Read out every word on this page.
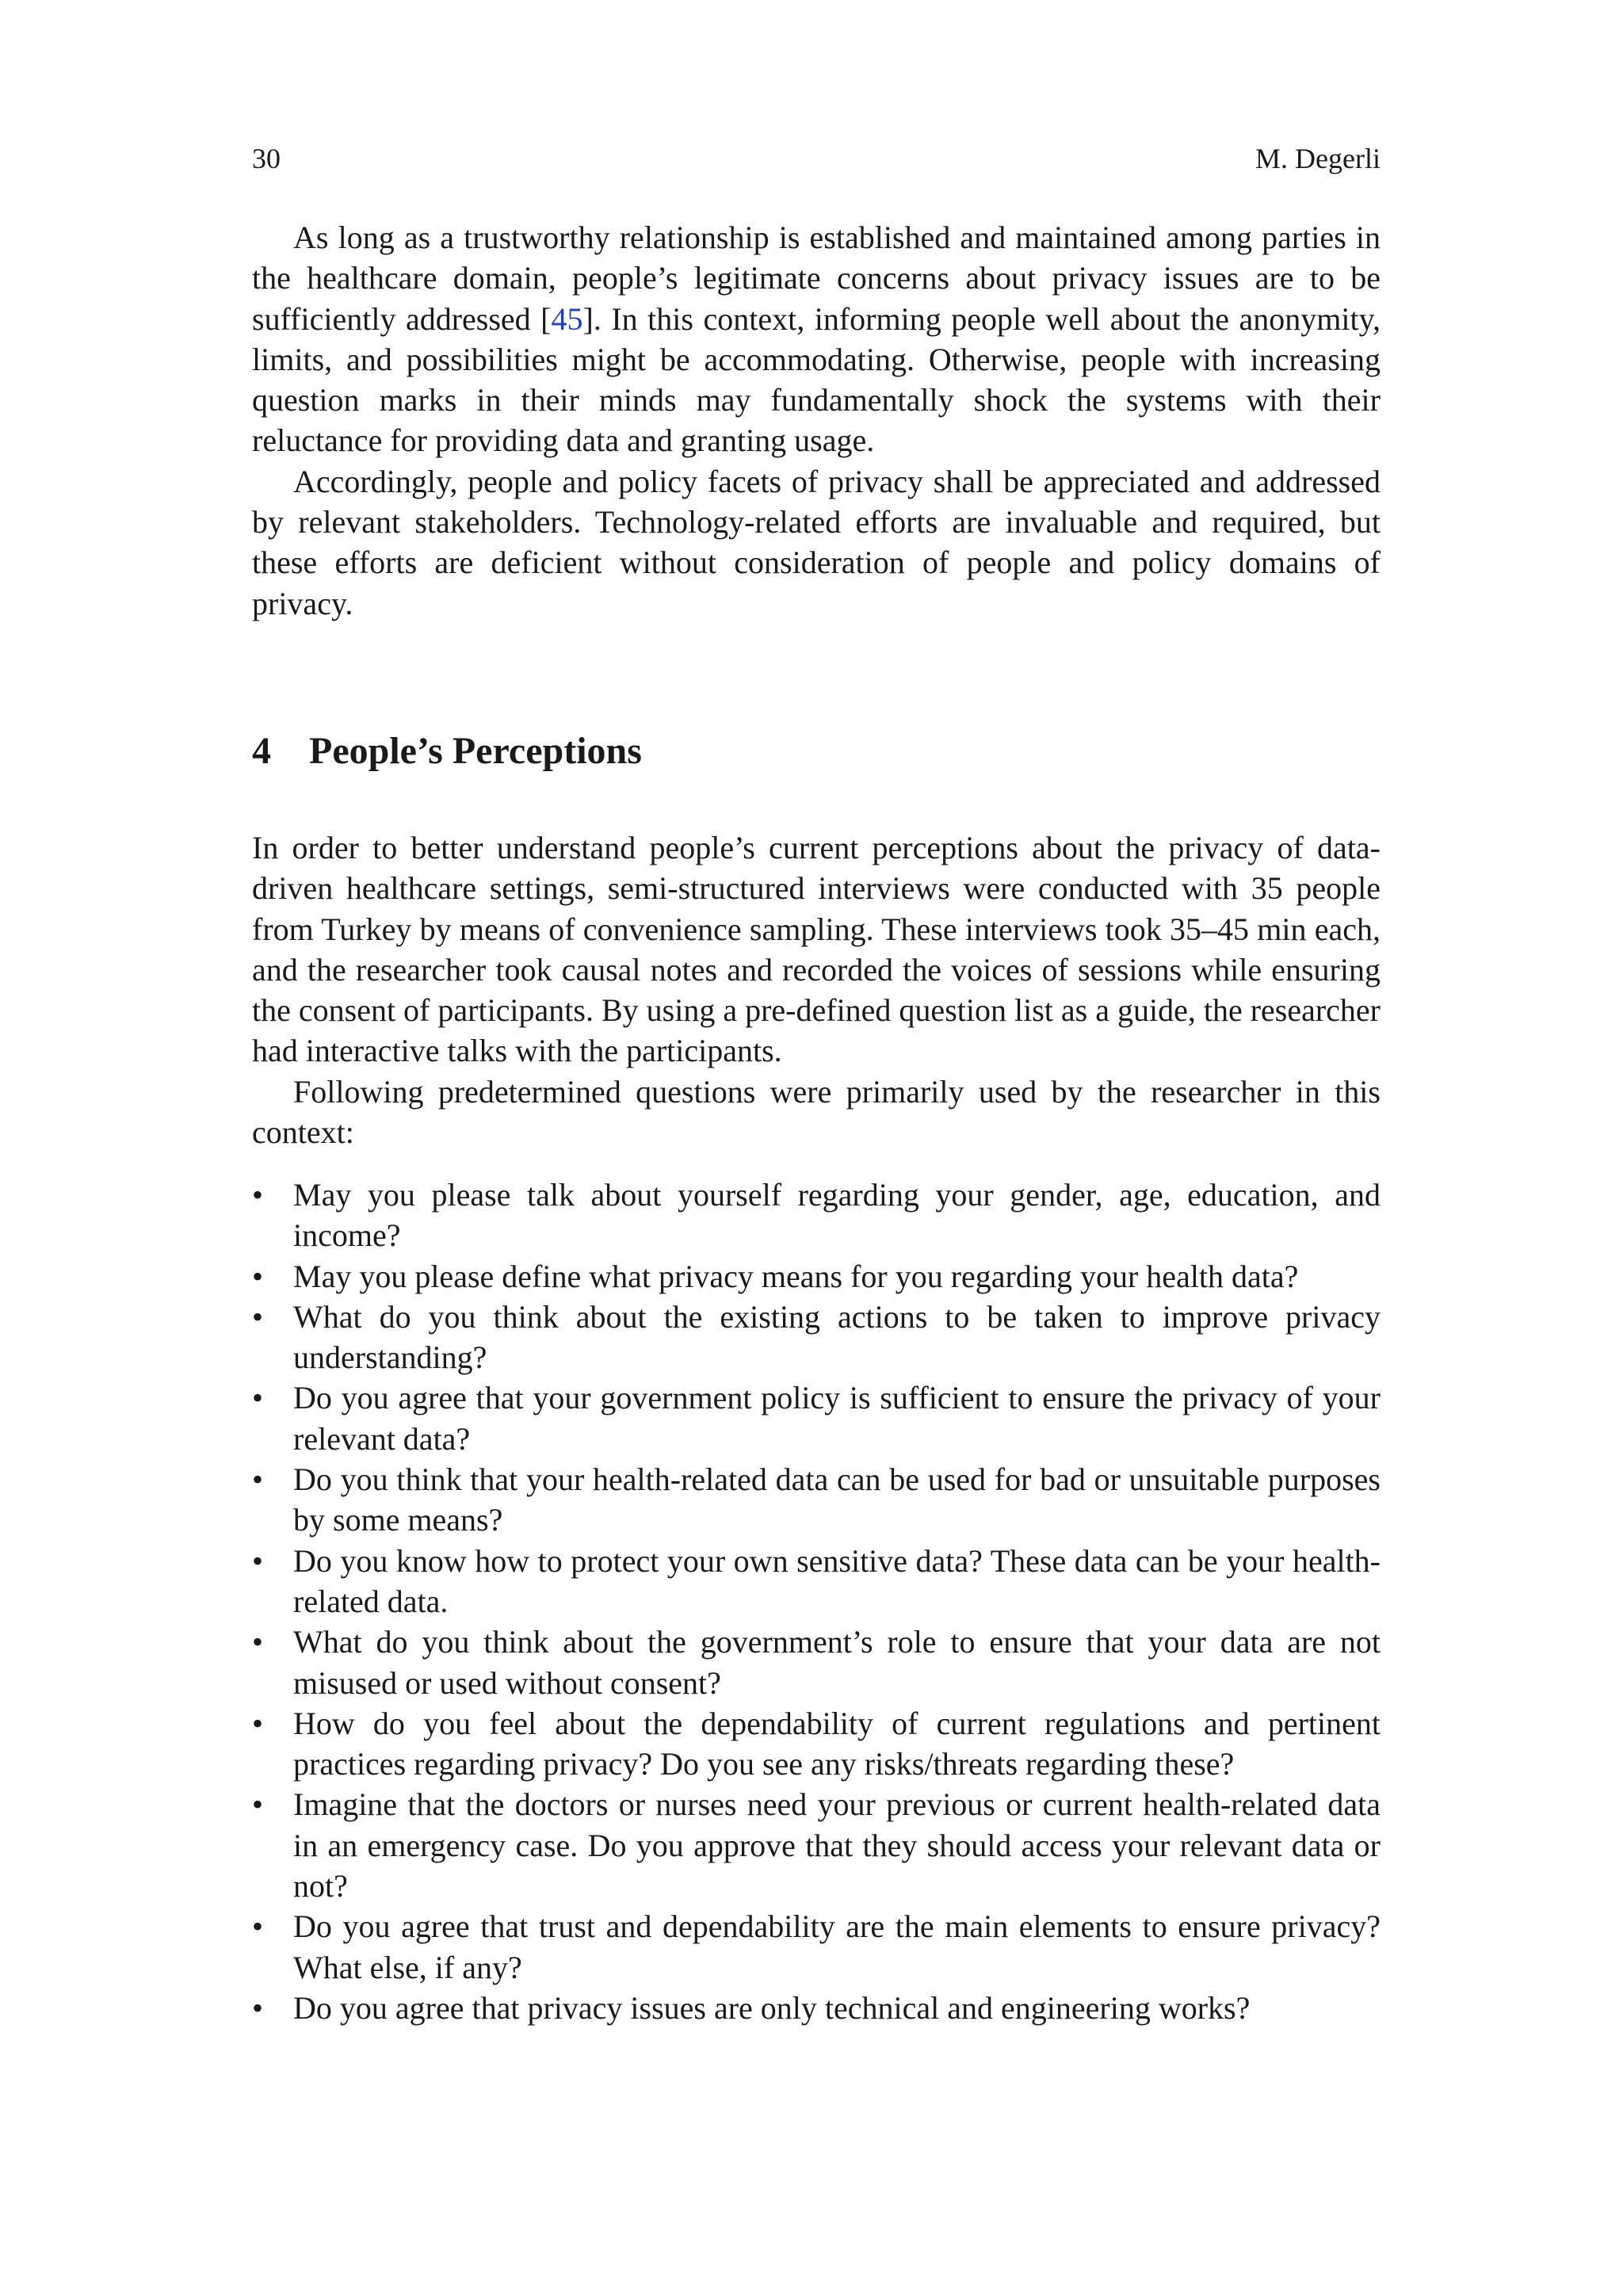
30	M. Degerli

As long as a trustworthy relationship is established and maintained among parties in the healthcare domain, people’s legitimate concerns about privacy issues are to be sufficiently addressed [45]. In this context, informing people well about the anonymity, limits, and possibilities might be accommodating. Otherwise, people with increasing question marks in their minds may fundamentally shock the systems with their reluctance for providing data and granting usage.

Accordingly, people and policy facets of privacy shall be appreciated and addressed by relevant stakeholders. Technology-related efforts are invaluable and required, but these efforts are deficient without consideration of people and policy domains of privacy.

4 People’s Perceptions

In order to better understand people’s current perceptions about the privacy of data-driven healthcare settings, semi-structured interviews were conducted with 35 people from Turkey by means of convenience sampling. These interviews took 35–45 min each, and the researcher took causal notes and recorded the voices of sessions while ensuring the consent of participants. By using a pre-defined question list as a guide, the researcher had interactive talks with the participants.

Following predetermined questions were primarily used by the researcher in this context:

• May you please talk about yourself regarding your gender, age, education, and income?
• May you please define what privacy means for you regarding your health data?
• What do you think about the existing actions to be taken to improve privacy understanding?
• Do you agree that your government policy is sufficient to ensure the privacy of your relevant data?
• Do you think that your health-related data can be used for bad or unsuitable purposes by some means?
• Do you know how to protect your own sensitive data? These data can be your health-related data.
• What do you think about the government’s role to ensure that your data are not misused or used without consent?
• How do you feel about the dependability of current regulations and pertinent practices regarding privacy? Do you see any risks/threats regarding these?
• Imagine that the doctors or nurses need your previous or current health-related data in an emergency case. Do you approve that they should access your relevant data or not?
• Do you agree that trust and dependability are the main elements to ensure privacy? What else, if any?
• Do you agree that privacy issues are only technical and engineering works?
